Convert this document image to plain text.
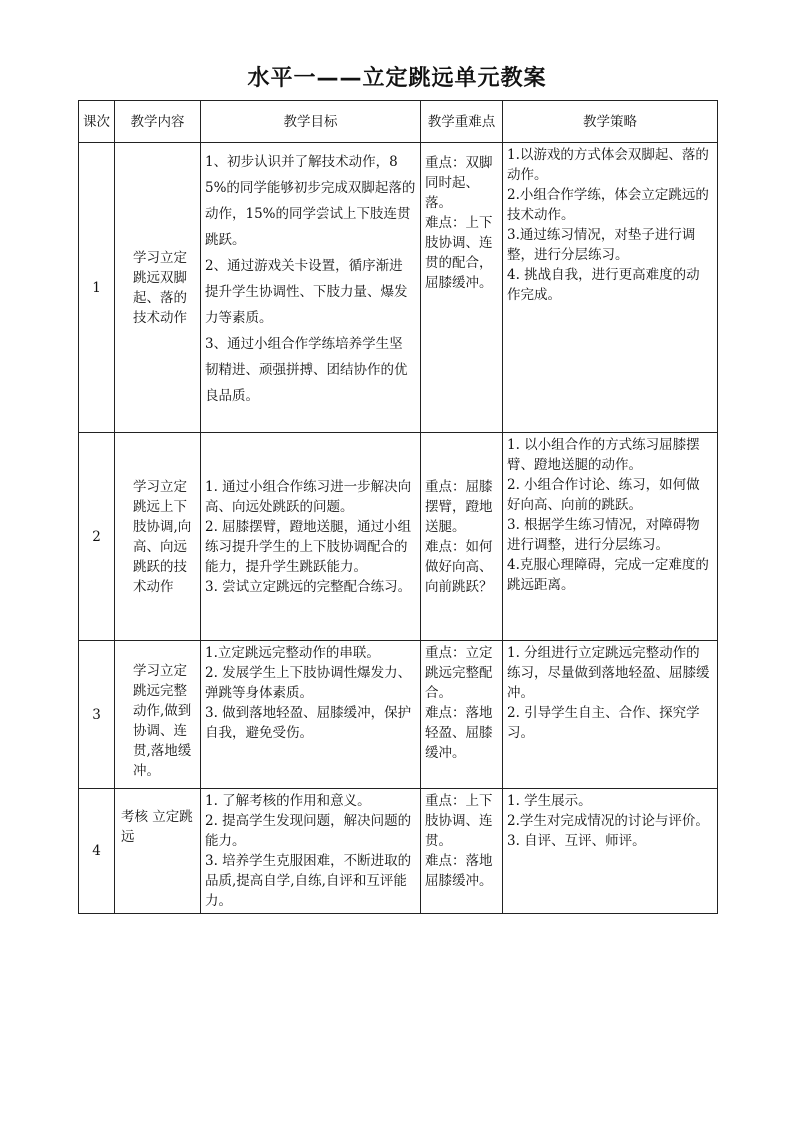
水平一——立定跳远单元教案
课次	教学内容	教学目标	教学重难点	教学策略
1	学习立定跳远双脚起、落的技术动作	1、初步认识并了解技术动作，85%的同学能够初步完成双脚起落的动作，15%的同学尝试上下肢连贯跳跃。
2、通过游戏关卡设置，循序渐进提升学生协调性、下肢力量、爆发力等素质。
3、通过小组合作学练培养学生坚韧精进、顽强拼搏、团结协作的优良品质。	重点：双脚同时起、落。
难点：上下肢协调、连贯的配合，屈膝缓冲。	1.以游戏的方式体会双脚起、落的动作。
2.小组合作学练，体会立定跳远的技术动作。
3.通过练习情况，对垫子进行调整，进行分层练习。
4. 挑战自我，进行更高难度的动作完成。

2	学习立定跳远上下肢协调,向高、向远跳跃的技术动作	1. 通过小组合作练习进一步解决向高、向远处跳跃的问题。
2. 屈膝摆臂，蹬地送腿，通过小组练习提升学生的上下肢协调配合的能力，提升学生跳跃能力。
3. 尝试立定跳远的完整配合练习。	重点：屈膝摆臂，蹬地送腿。
难点：如何做好向高、向前跳跃？	1. 以小组合作的方式练习屈膝摆臂、蹬地送腿的动作。
2. 小组合作讨论、练习，如何做好向高、向前的跳跃。
3. 根据学生练习情况，对障碍物进行调整，进行分层练习。
4.克服心理障碍，完成一定难度的跳远距离。

3	学习立定跳远完整动作,做到协调、连贯,落地缓冲。	1.立定跳远完整动作的串联。
2. 发展学生上下肢协调性爆发力、弹跳等身体素质。
3. 做到落地轻盈、屈膝缓冲，保护自我，避免受伤。	重点：立定跳远完整配合。
难点：落地轻盈、屈膝缓冲。	1. 分组进行立定跳远完整动作的练习，尽量做到落地轻盈、屈膝缓冲。
2. 引导学生自主、合作、探究学习。

4	考核 立定跳远	1. 了解考核的作用和意义。
2. 提高学生发现问题，解决问题的能力。
3. 培养学生克服困难，不断进取的品质,提高自学,自练,自评和互评能力。	重点：上下肢协调、连贯。
难点：落地屈膝缓冲。	1. 学生展示。
2.学生对完成情况的讨论与评价。
3. 自评、互评、师评。
